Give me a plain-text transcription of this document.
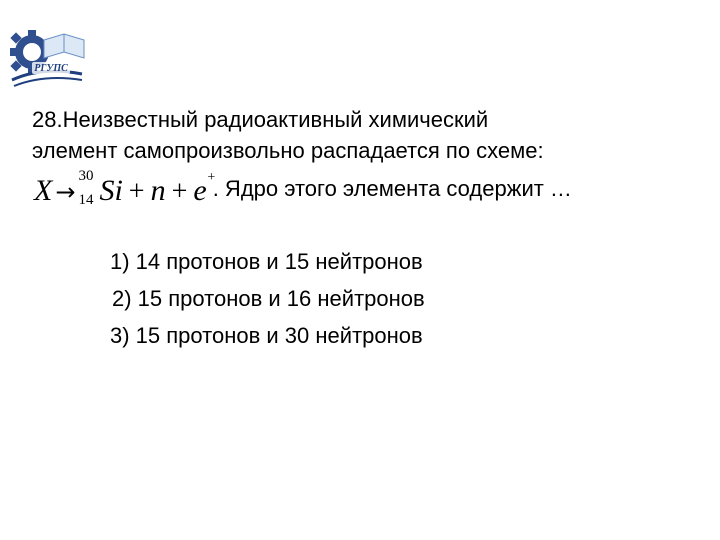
РГУПС
28.Неизвестный радиоактивный химический
элемент самопроизвольно распадается по схеме:
X →
30
14 Si + n + e +
. Ядро этого элемента содержит …
1) 14 протонов и 15 нейтронов
2) 15 протонов и 16 нейтронов
3) 15 протонов и 30 нейтронов
